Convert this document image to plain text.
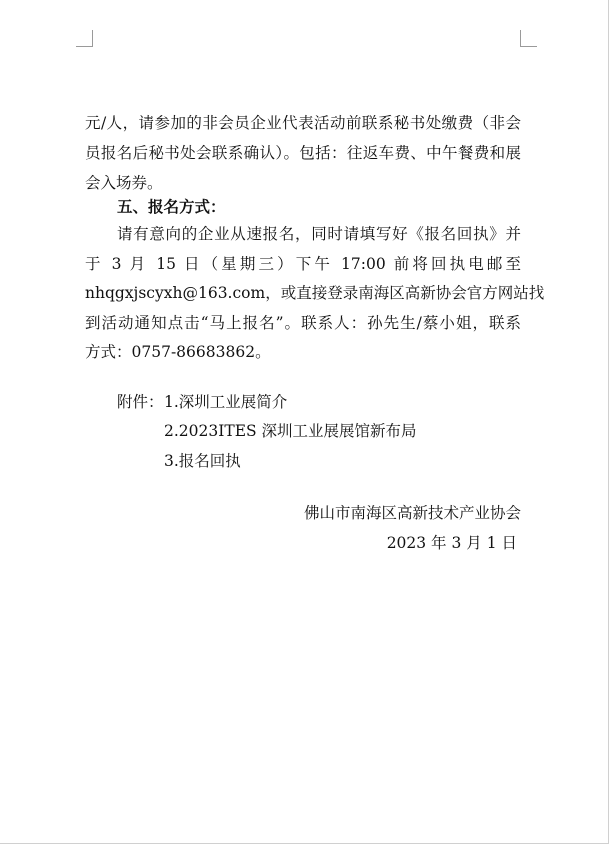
元/人，请参加的非会员企业代表活动前联系秘书处缴费（非会
员报名后秘书处会联系确认）。包括：往返车费、中午餐费和展
会入场券。
五、报名方式：
请有意向的企业从速报名，同时请填写好《报名回执》并
于 3 月 15 日（星期三）下午 17:00 前将回执电邮至
nhqgxjscyxh@163.com，或直接登录南海区高新协会官方网站找
到活动通知点击“马上报名”。联系人：孙先生/蔡小姐，联系
方式：0757-86683862。
附件： 1.深圳工业展简介
2.2023ITES 深圳工业展展馆新布局
3.报名回执
佛山市南海区高新技术产业协会
2023 年 3 月 1 日
